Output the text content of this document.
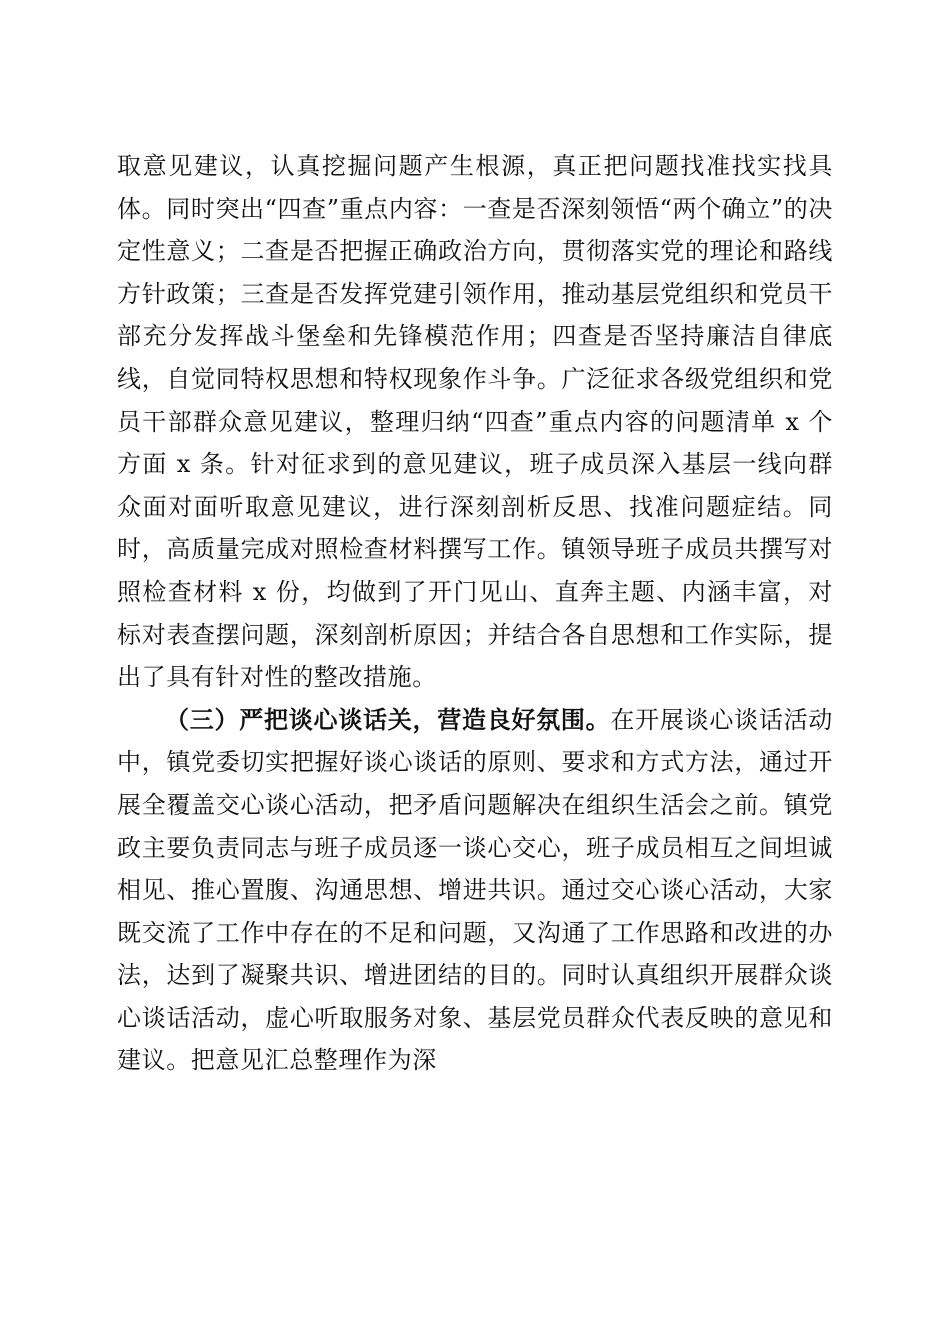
取意见建议，认真挖掘问题产生根源，真正把问题找准找实找具体。同时突出“四查”重点内容：一查是否深刻领悟“两个确立”的决定性意义；二查是否把握正确政治方向，贯彻落实党的理论和路线方针政策；三查是否发挥党建引领作用，推动基层党组织和党员干部充分发挥战斗堡垒和先锋模范作用；四查是否坚持廉洁自律底线，自觉同特权思想和特权现象作斗争。广泛征求各级党组织和党员干部群众意见建议，整理归纳“四查”重点内容的问题清单 x 个方面 x 条。针对征求到的意见建议，班子成员深入基层一线向群众面对面听取意见建议，进行深刻剖析反思、找准问题症结。同时，高质量完成对照检查材料撰写工作。镇领导班子成员共撰写对照检查材料 x 份，均做到了开门见山、直奔主题、内涵丰富，对标对表查摆问题，深刻剖析原因；并结合各自思想和工作实际，提出了具有针对性的整改措施。

（三）严把谈心谈话关，营造良好氛围。在开展谈心谈话活动中，镇党委切实把握好谈心谈话的原则、要求和方式方法，通过开展全覆盖交心谈心活动，把矛盾问题解决在组织生活会之前。镇党政主要负责同志与班子成员逐一谈心交心，班子成员相互之间坦诚相见、推心置腹、沟通思想、增进共识。通过交心谈心活动，大家既交流了工作中存在的不足和问题，又沟通了工作思路和改进的办法，达到了凝聚共识、增进团结的目的。同时认真组织开展群众谈心谈话活动，虚心听取服务对象、基层党员群众代表反映的意见和建议。把意见汇总整理作为深
